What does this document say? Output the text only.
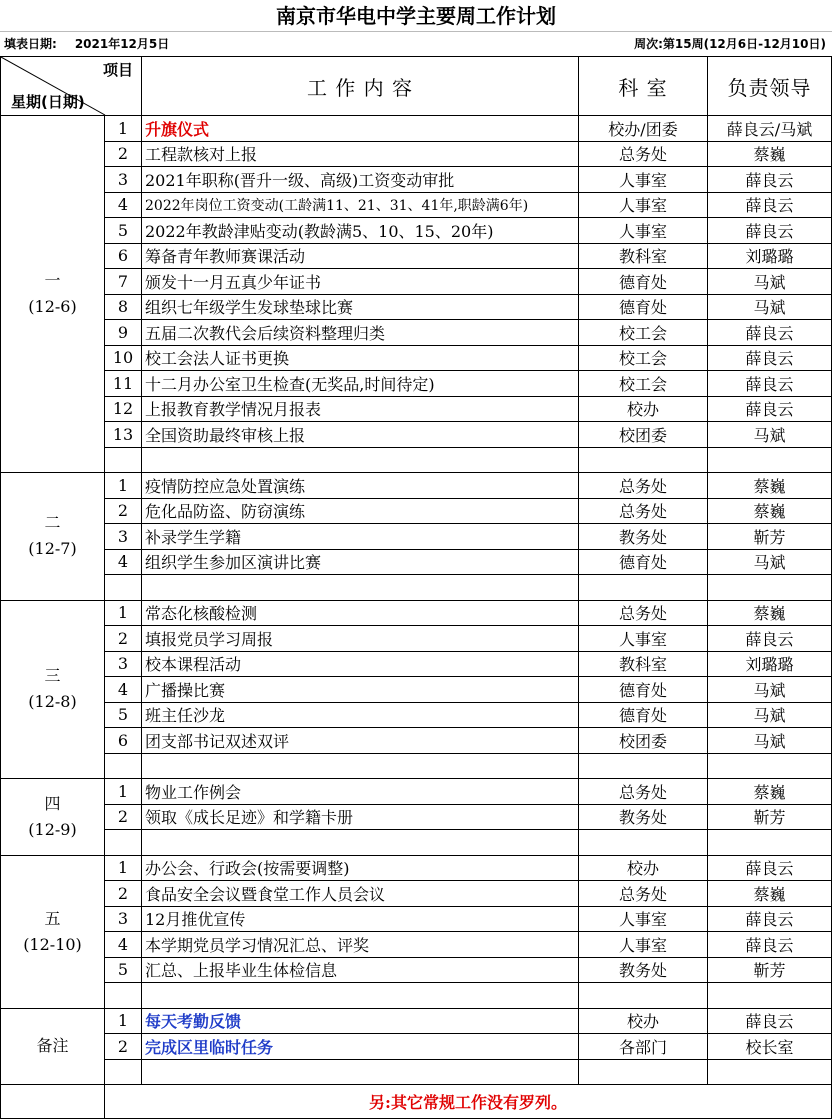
南京市华电中学主要周工作计划
填表日期: 2021年12月5日	周次:第15周(12月6日-12月10日)
项目
星期(日期)		工 作 内 容	科 室	负责领导

一
(12-6)	1	升旗仪式	校办/团委	薛良云/马斌
	2	工程款核对上报	总务处	蔡巍
	3	2021年职称(晋升一级、高级)工资变动审批	人事室	薛良云
	4	2022年岗位工资变动(工龄满11、21、31、41年,职龄满6年)	人事室	薛良云
	5	2022年教龄津贴变动(教龄满5、10、15、20年)	人事室	薛良云
	6	筹备青年教师赛课活动	教科室	刘璐璐
	7	颁发十一月五真少年证书	德育处	马斌
	8	组织七年级学生发球垫球比赛	德育处	马斌
	9	五届二次教代会后续资料整理归类	校工会	薛良云
	10	校工会法人证书更换	校工会	薛良云
	11	十二月办公室卫生检查(无奖品,时间待定)	校工会	薛良云
	12	上报教育教学情况月报表	校办	薛良云
	13	全国资助最终审核上报	校团委	马斌

二
(12-7)	1	疫情防控应急处置演练	总务处	蔡巍
	2	危化品防盗、防窃演练	总务处	蔡巍
	3	补录学生学籍	教务处	靳芳
	4	组织学生参加区演讲比赛	德育处	马斌

三
(12-8)	1	常态化核酸检测	总务处	蔡巍
	2	填报党员学习周报	人事室	薛良云
	3	校本课程活动	教科室	刘璐璐
	4	广播操比赛	德育处	马斌
	5	班主任沙龙	德育处	马斌
	6	团支部书记双述双评	校团委	马斌

四
(12-9)	1	物业工作例会	总务处	蔡巍
	2	领取《成长足迹》和学籍卡册	教务处	靳芳

五
(12-10)	1	办公会、行政会(按需要调整)	校办	薛良云
	2	食品安全会议暨食堂工作人员会议	总务处	蔡巍
	3	12月推优宣传	人事室	薛良云
	4	本学期党员学习情况汇总、评奖	人事室	薛良云
	5	汇总、上报毕业生体检信息	教务处	靳芳

备注	1	每天考勤反馈	校办	薛良云
	2	完成区里临时任务	各部门	校长室

	另:其它常规工作没有罗列。			
